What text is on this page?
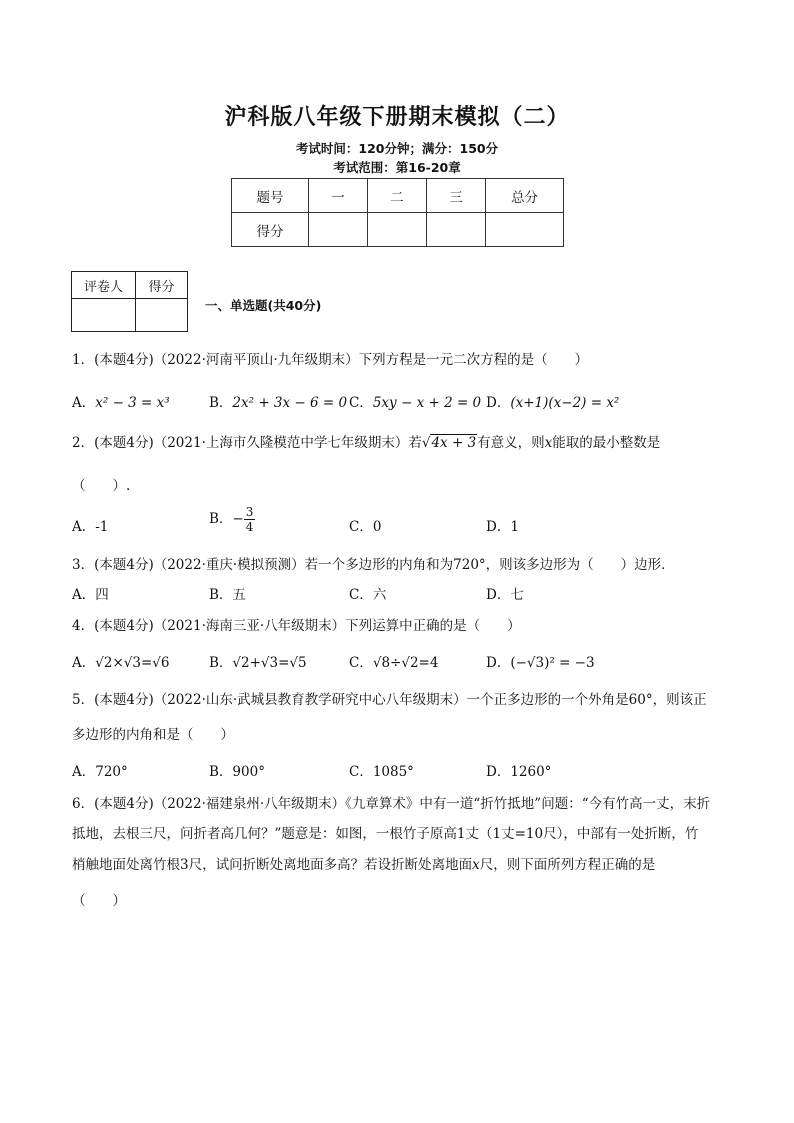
沪科版八年级下册期末模拟（二）
考试时间：120分钟；满分：150分
考试范围：第16-20章
题号	一	二	三	总分
得分				
评卷人	得分

一、单选题(共40分)
1．(本题4分)（2022·河南平顶山·九年级期末）下列方程是一元二次方程的是（　　）
A．x² − 3 = x³	B．2x² + 3x − 6 = 0 C．5xy − x + 2 = 0 D．(x+1)(x−2) = x²
2．(本题4分)（2021·上海市久隆模范中学七年级期末）若√4x + 3有意义，则x能取的最小整数是
（　　）.
A．-1	B．− $\frac{3}{4}$	C．0	D．1
3．(本题4分)（2022·重庆·模拟预测）若一个多边形的内角和为720°，则该多边形为（　　）边形．
A．四	B．五	C．六	D．七
4．(本题4分)（2021·海南三亚·八年级期末）下列运算中正确的是（　　）
A．√2×√3=√6	B．√2+√3=√5	C．√8÷√2=4	D．(−√3)² = −3
5．(本题4分)（2022·山东·武城县教育教学研究中心八年级期末）一个正多边形的一个外角是60°，则该正
多边形的内角和是（　　）
A．720°	B．900°	C．1085°	D．1260°
6．(本题4分)（2022·福建泉州·八年级期末）《九章算术》中有一道“折竹抵地”问题：“今有竹高一丈，末折
抵地，去根三尺，问折者高几何？”题意是：如图，一根竹子原高1丈（1丈=10尺），中部有一处折断，竹
梢触地面处离竹根3尺，试问折断处离地面多高？若设折断处离地面x尺，则下面所列方程正确的是
（　　）
